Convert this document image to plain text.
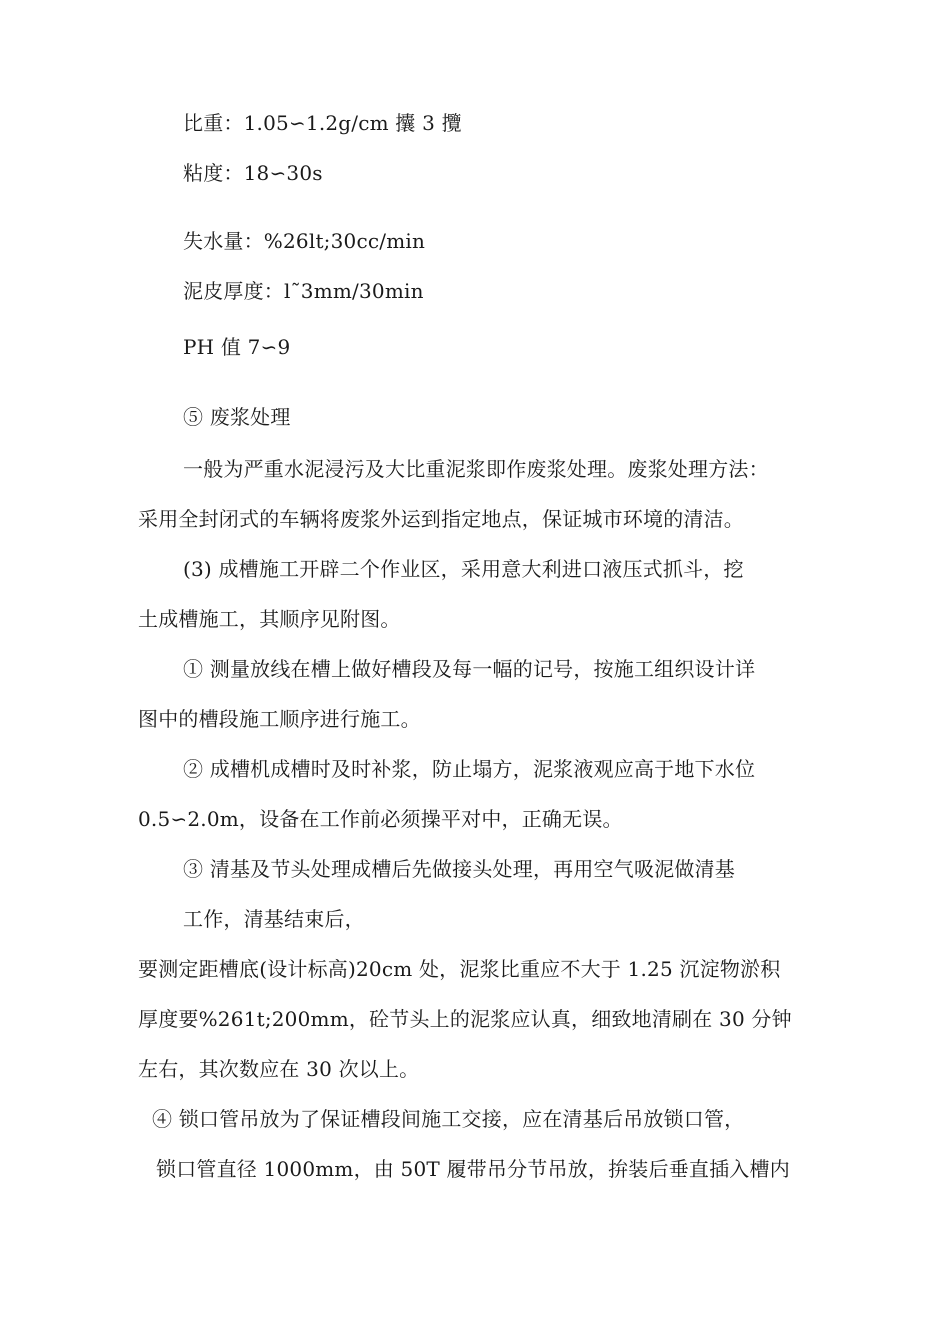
比重：1.05∽1.2g/cm 攮 3 攬
粘度：18∽30s
失水量：%26lt;30cc/min
泥皮厚度：l˜3mm/30min
PH 值 7∽9
⑤ 废浆处理
一般为严重水泥浸污及大比重泥浆即作废浆处理。废浆处理方法：
采用全封闭式的车辆将废浆外运到指定地点，保证城市环境的清洁。
(3) 成槽施工开辟二个作业区，采用意大利进口液压式抓斗，挖
土成槽施工，其顺序见附图。
① 测量放线在槽上做好槽段及每一幅的记号，按施工组织设计详
图中的槽段施工顺序进行施工。
② 成槽机成槽时及时补浆，防止塌方，泥浆液观应高于地下水位
0.5∽2.0m，设备在工作前必须操平对中，正确无误。
③ 清基及节头处理成槽后先做接头处理，再用空气吸泥做清基
工作，清基结束后，
要测定距槽底(设计标高)20cm 处，泥浆比重应不大于 1.25 沉淀物淤积
厚度要%261t;200mm，砼节头上的泥浆应认真，细致地清刷在 30 分钟
左右，其次数应在 30 次以上。
④ 锁口管吊放为了保证槽段间施工交接，应在清基后吊放锁口管，
锁口管直径 1000mm，由 50T 履带吊分节吊放，拚装后垂直插入槽内
